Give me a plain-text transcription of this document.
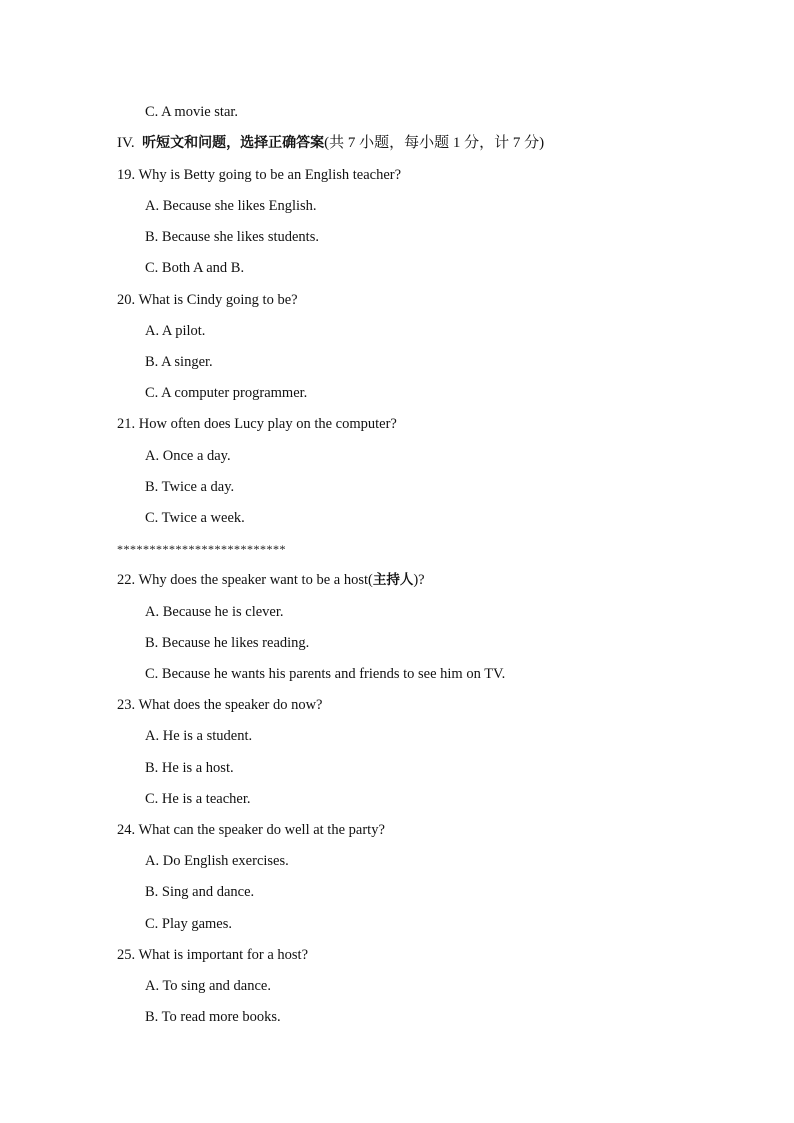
C. A movie star.
IV. 听短文和问题，选择正确答案(共 7 小题，每小题 1 分，计 7 分)
19. Why is Betty going to be an English teacher?
A. Because she likes English.
B. Because she likes students.
C. Both A and B.
20. What is Cindy going to be?
A. A pilot.
B. A singer.
C. A computer programmer.
21. How often does Lucy play on the computer?
A. Once a day.
B. Twice a day.
C. Twice a week.
**************************
22. Why does the speaker want to be a host(主持人)?
A. Because he is clever.
B. Because he likes reading.
C. Because he wants his parents and friends to see him on TV.
23. What does the speaker do now?
A. He is a student.
B. He is a host.
C. He is a teacher.
24. What can the speaker do well at the party?
A. Do English exercises.
B. Sing and dance.
C. Play games.
25. What is important for a host?
A. To sing and dance.
B. To read more books.
